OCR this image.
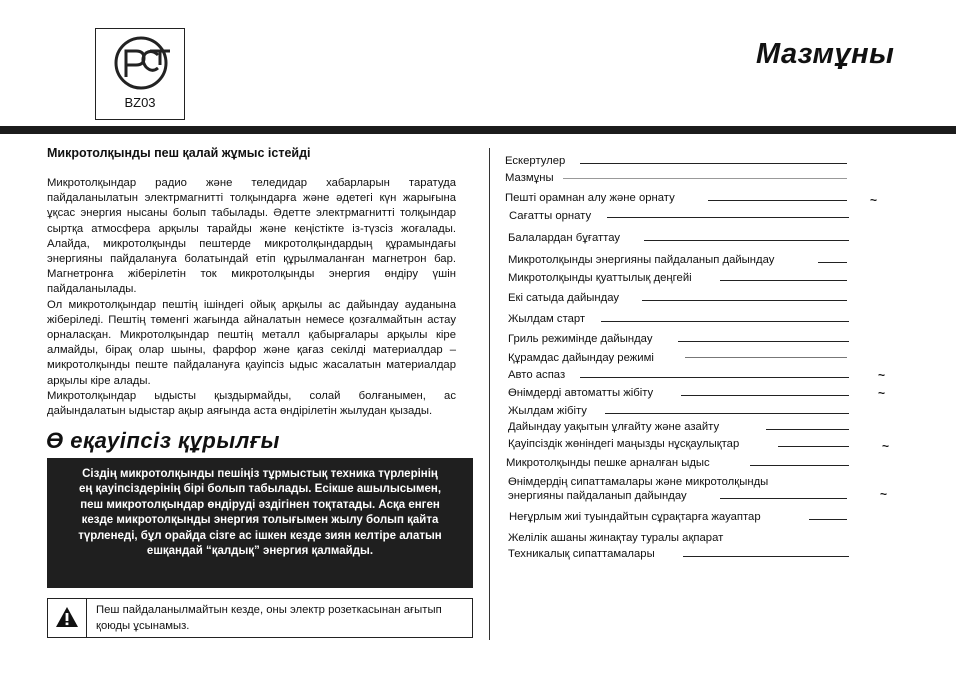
BZ03
Мазмұны
Микротолқынды пеш қалай жұмыс істейді

Микротолқындар радио және теледидар хабарларын таратуда пайдаланылатын электрмагнитті толқындарға және әдетегі күн жарығына ұқсас энергия нысаны болып табылады. Әдетте электрмагнитті толқындар сыртқа атмосфера арқылы тарайды және кеңістікте із-түзсіз жоғалады. Алайда, микротолқынды пештерде микротолқындардың құрамындағы энергияны пайдалануға болатындай етіп құрылмаланған магнетрон бар. Магнетронға жіберілетін ток микротолқынды энергия өндіру үшін пайдаланылады.

Ол микротолқындар пештің ішіндегі ойық арқылы ас дайындау ауданына жіберіледі. Пештің төменгі жағында айналатын немесе қозғалмайтын астау орналасқан. Микротолқындар пештің металл қабырғалары арқылы кіре алмайды, бірақ олар шыны, фарфор және қағаз секілді материалдар – микротолқынды пеште пайдалануға қауіпсіз ыдыс жасалатын материалдар арқылы кіре алады.

Микротолқындар ыдысты қыздырмайды, солай болғанымен, ас дайындалатын ыдыстар ақыр аяғында аста өндірілетін жылудан қызады.

Ө еқауіпсіз құрылғы
Сіздің микротолқынды пешіңіз тұрмыстық техника түрлерінің ең қауіпсіздерінің бірі болып табылады. Есікше ашылысымен, пеш микротолқындар өндіруді әздігінен тоқтатады. Асқа енген кезде микротолқынды энергия толығымен жылу болып қайта түрленеді, бұл орайда сізге ас ішкен кезде зиян келтіре алатын ешқандай “қалдық” энергия қалмайды.
Пеш пайдаланылмайтын кезде, оны электр розеткасынан ағытып қоюды ұсынамыз.
Ескертулер
Мазмұны
Пешті орамнан алу және орнату	~
Сағатты орнату
Балалардан бұғаттау
Микротолқынды энергияны пайдаланып дайындау
Микротолқынды қуаттылық деңгейі
Екі сатыда дайындау
Жылдам старт
Гриль режимінде дайындау
Құрамдас дайындау режимі
Авто аспаз	~
Өнімдерді автоматты жібіту	~
Жылдам жібіту
Дайындау уақытын ұлғайту және азайту
Қауіпсіздік жөніндегі маңызды нұсқаулықтар	~
Микротолқынды пешке арналған ыдыс
Өнімдердің сипаттамалары және микротолқынды
энергияны пайдаланып дайындау	~
Неғұрлым жиі туындайтын сұрақтарға жауаптар
Желілік ашаны жинақтау туралы ақпарат
Техникалық сипаттамалары
